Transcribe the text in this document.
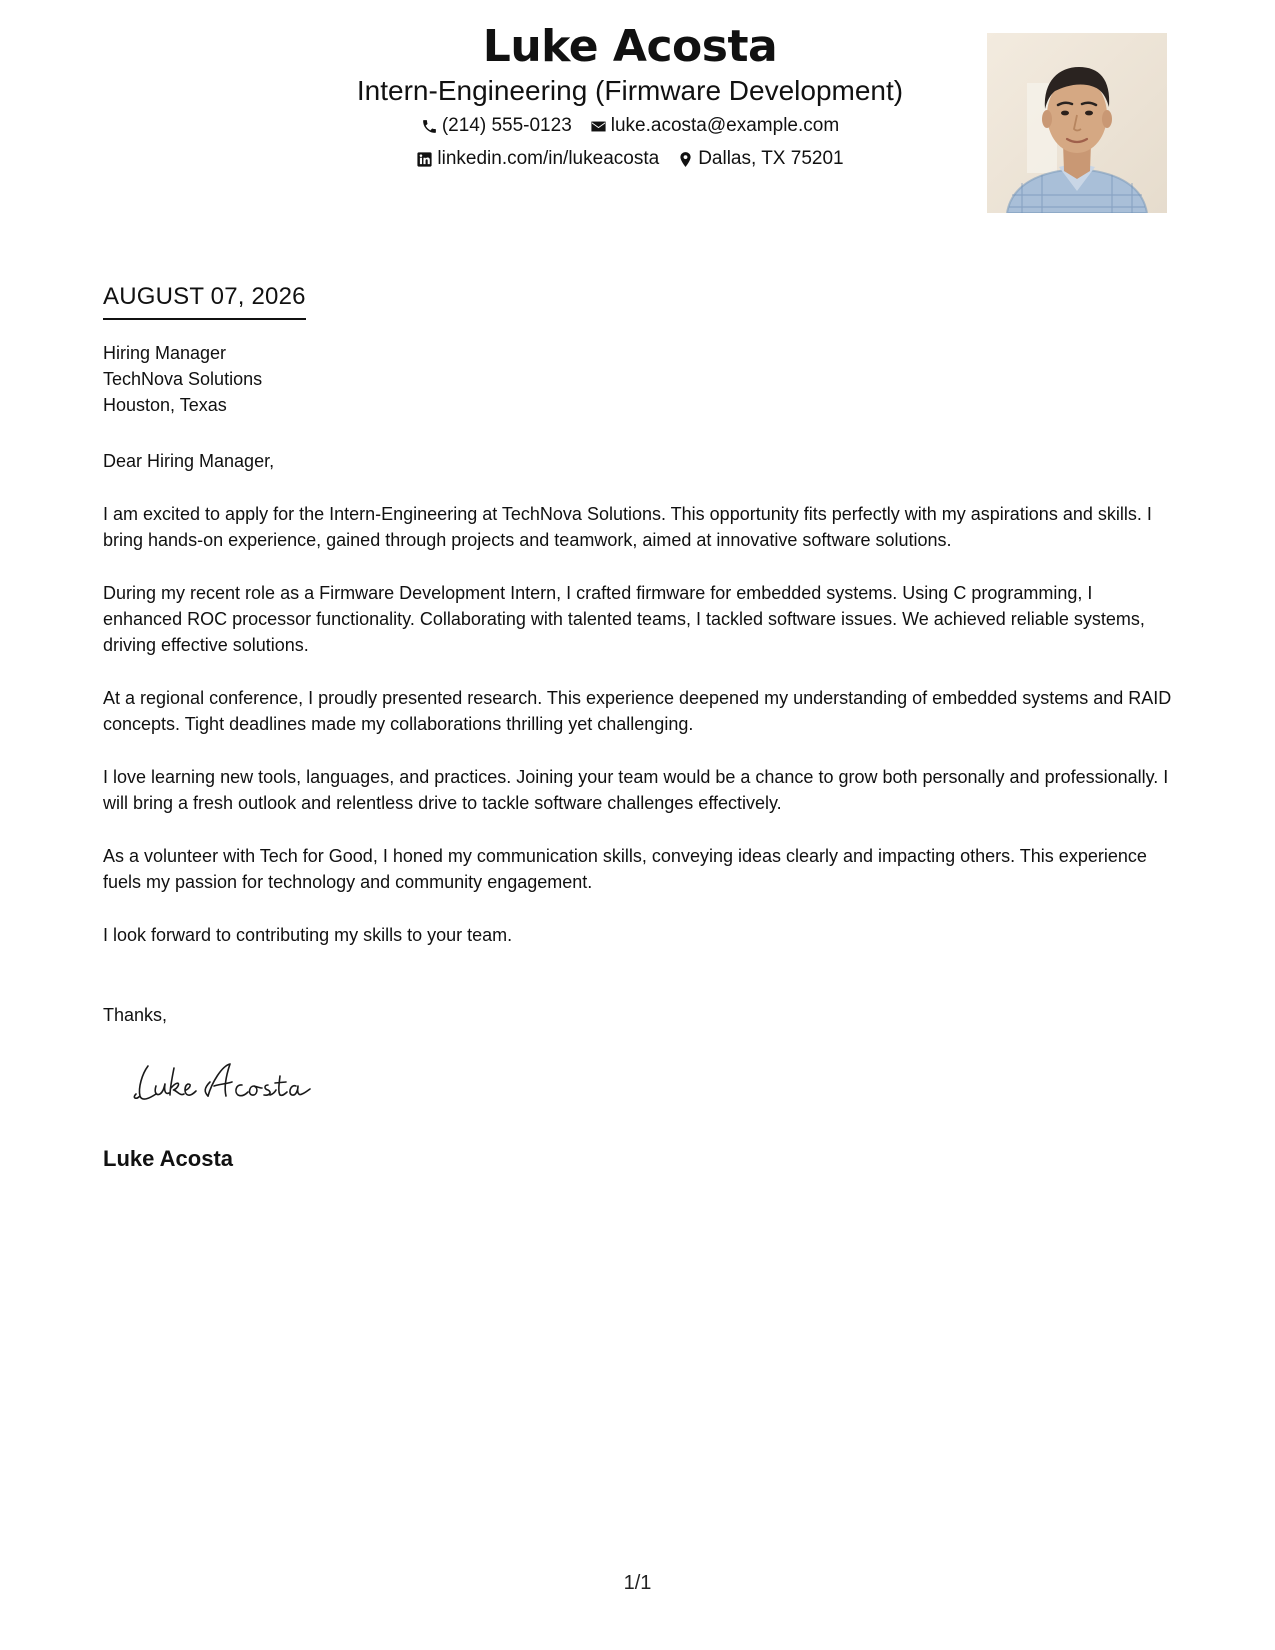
Luke Acosta
Intern-Engineering (Firmware Development)
(214) 555-0123 luke.acosta@example.com
linkedin.com/in/lukeacosta Dallas, TX 75201
AUGUST 07, 2026
Hiring Manager
TechNova Solutions
Houston, Texas

Dear Hiring Manager,

I am excited to apply for the Intern-Engineering at TechNova Solutions. This opportunity fits perfectly with my aspirations and skills. I bring hands-on experience, gained through projects and teamwork, aimed at innovative software solutions.

During my recent role as a Firmware Development Intern, I crafted firmware for embedded systems. Using C programming, I enhanced ROC processor functionality. Collaborating with talented teams, I tackled software issues. We achieved reliable systems, driving effective solutions.

At a regional conference, I proudly presented research. This experience deepened my understanding of embedded systems and RAID concepts. Tight deadlines made my collaborations thrilling yet challenging.

I love learning new tools, languages, and practices. Joining your team would be a chance to grow both personally and professionally. I will bring a fresh outlook and relentless drive to tackle software challenges effectively.

As a volunteer with Tech for Good, I honed my communication skills, conveying ideas clearly and impacting others. This experience fuels my passion for technology and community engagement.

I look forward to contributing my skills to your team.

Thanks,
Luke Acosta
1/1
